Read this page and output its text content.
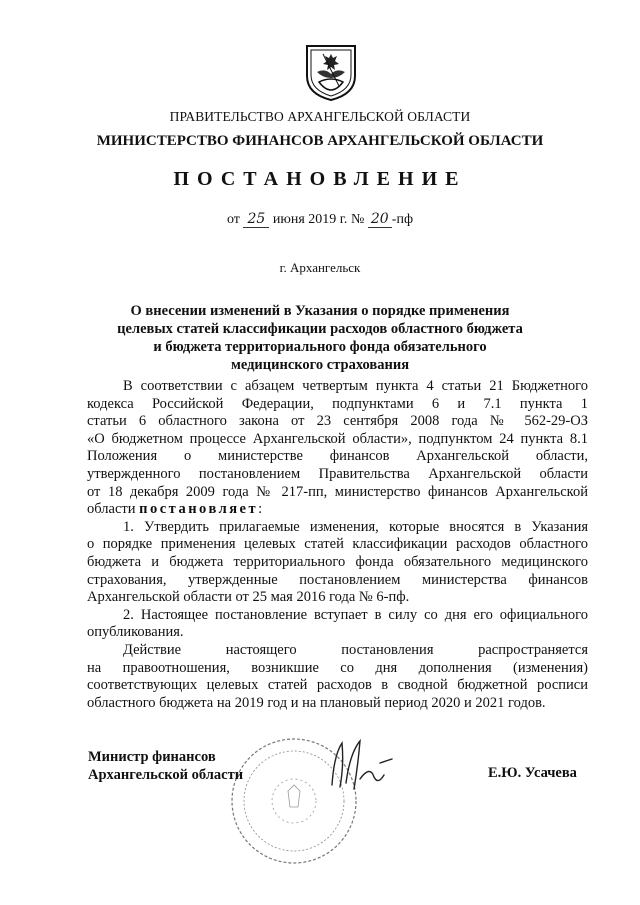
ПРАВИТЕЛЬСТВО АРХАНГЕЛЬСКОЙ ОБЛАСТИ
МИНИСТЕРСТВО ФИНАНСОВ АРХАНГЕЛЬСКОЙ ОБЛАСТИ
ПОСТАНОВЛЕНИЕ
от 25 июня 2019 г. № 20 -пф
г. Архангельск
О внесении изменений в Указания о порядке применения
целевых статей классификации расходов областного бюджета
и бюджета территориального фонда обязательного
медицинского страхования

В соответствии с абзацем четвертым пункта 4 статьи 21 Бюджетного

кодекса Российской Федерации, подпунктами 6 и 7.1 пункта 1

статьи 6 областного закона от 23 сентября 2008 года № 562-29-ОЗ

«О бюджетном процессе Архангельской области», подпунктом 24 пункта 8.1

Положения о министерстве финансов Архангельской области,

утвержденного постановлением Правительства Архангельской области

от 18 декабря 2009 года № 217-пп, министерство финансов Архангельской

области постановляет:

1. Утвердить прилагаемые изменения, которые вносятся в Указания

о порядке применения целевых статей классификации расходов областного

бюджета и бюджета территориального фонда обязательного медицинского

страхования, утвержденные постановлением министерства финансов

Архангельской области от 25 мая 2016 года № 6-пф.

2. Настоящее постановление вступает в силу со дня его официального

опубликования.

Действие настоящего постановления распространяется

на правоотношения, возникшие со дня дополнения (изменения)

соответствующих целевых статей расходов в сводной бюджетной росписи

областного бюджета на 2019 год и на плановый период 2020 и 2021 годов.

Министр финансов
Архангельской области	Е.Ю. Усачева
